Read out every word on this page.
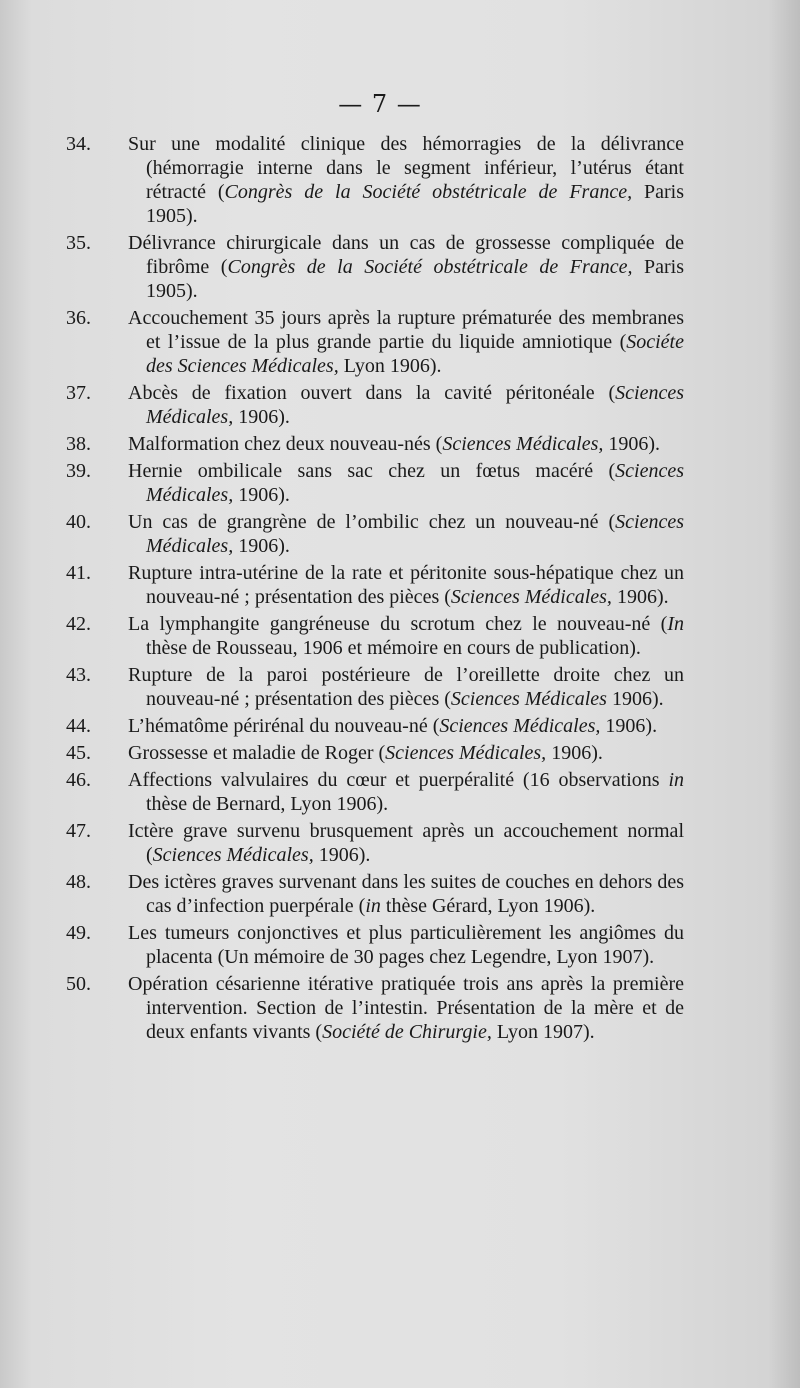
— 7 —
34.	Sur une modalité clinique des hémorragies de la délivrance (hémorragie interne dans le segment inférieur, l’utérus étant rétracté (Congrès de la Société obstétricale de France, Paris 1905).
35.	Délivrance chirurgicale dans un cas de grossesse compliquée de fibrôme (Congrès de la Société obstétricale de France, Paris 1905).
36.	Accouchement 35 jours après la rupture prématurée des membranes et l’issue de la plus grande partie du liquide amniotique (Sociéte des Sciences Médicales, Lyon 1906).
37.	Abcès de fixation ouvert dans la cavité péritonéale (Sciences Médicales, 1906).
38.	Malformation chez deux nouveau-nés (Sciences Médicales, 1906).
39.	Hernie ombilicale sans sac chez un fœtus macéré (Sciences Médicales, 1906).
40.	Un cas de grangrène de l’ombilic chez un nouveau-né (Sciences Médicales, 1906).
41.	Rupture intra-utérine de la rate et péritonite sous-hépatique chez un nouveau-né ; présentation des pièces (Sciences Médicales, 1906).
42.	La lymphangite gangréneuse du scrotum chez le nouveau-né (In thèse de Rousseau, 1906 et mémoire en cours de publication).
43.	Rupture de la paroi postérieure de l’oreillette droite chez un nouveau-né ; présentation des pièces (Sciences Médicales 1906).
44.	L’hématôme périrénal du nouveau-né (Sciences Médicales, 1906).
45.	Grossesse et maladie de Roger (Sciences Médicales, 1906).
46.	Affections valvulaires du cœur et puerpéralité (16 observations in thèse de Bernard, Lyon 1906).
47.	Ictère grave survenu brusquement après un accouchement normal (Sciences Médicales, 1906).
48.	Des ictères graves survenant dans les suites de couches en dehors des cas d’infection puerpérale (in thèse Gérard, Lyon 1906).
49.	Les tumeurs conjonctives et plus particulièrement les angiômes du placenta (Un mémoire de 30 pages chez Legendre, Lyon 1907).
50.	Opération césarienne itérative pratiquée trois ans après la première intervention. Section de l’intestin. Présentation de la mère et de deux enfants vivants (Société de Chirurgie, Lyon 1907).
